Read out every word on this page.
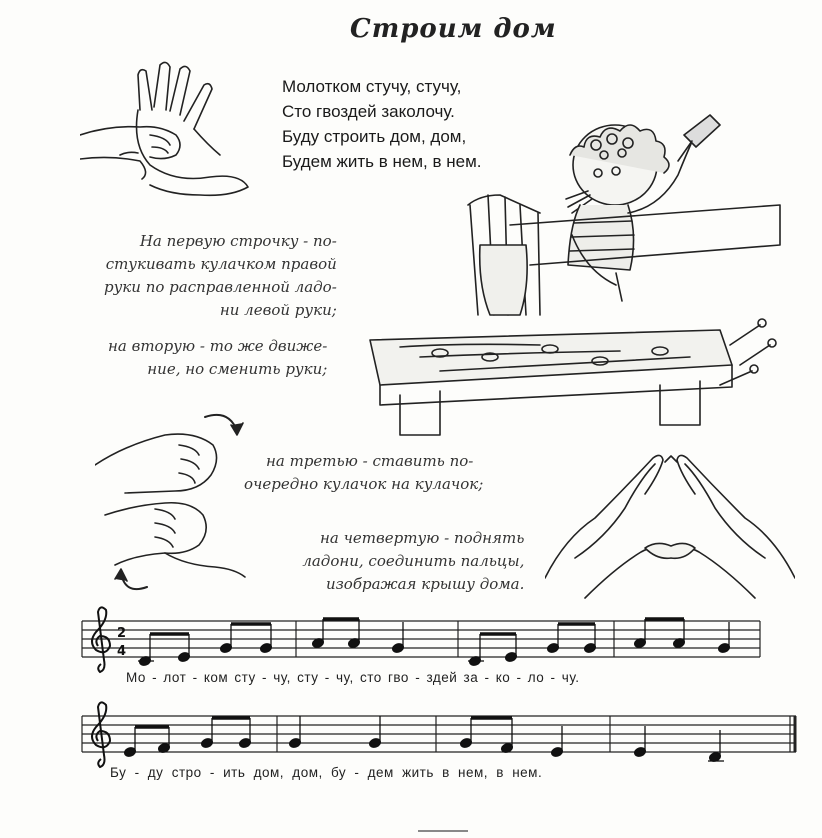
Строим дом
Молотком стучу, стучу,
Сто гвоздей заколочу.
Буду строить дом, дом,
Будем жить в нем, в нем.
На первую строчку - по-
стукивать кулачком правой
руки по расправленной ладо-
ни левой руки;
на вторую - то же движе-
ние, но сменить руки;
на третью - ставить по-
очередно кулачок на кулачок;
на четвертую - поднять
ладони, соединить пальцы,
изображая крышу дома.
2
4
Мо - лот - ком сту - чу, сту - чу, сто гво - здей за - ко - ло - чу.
Бу - ду стро - ить дом, дом, бу - дем жить в нем, в нем.
